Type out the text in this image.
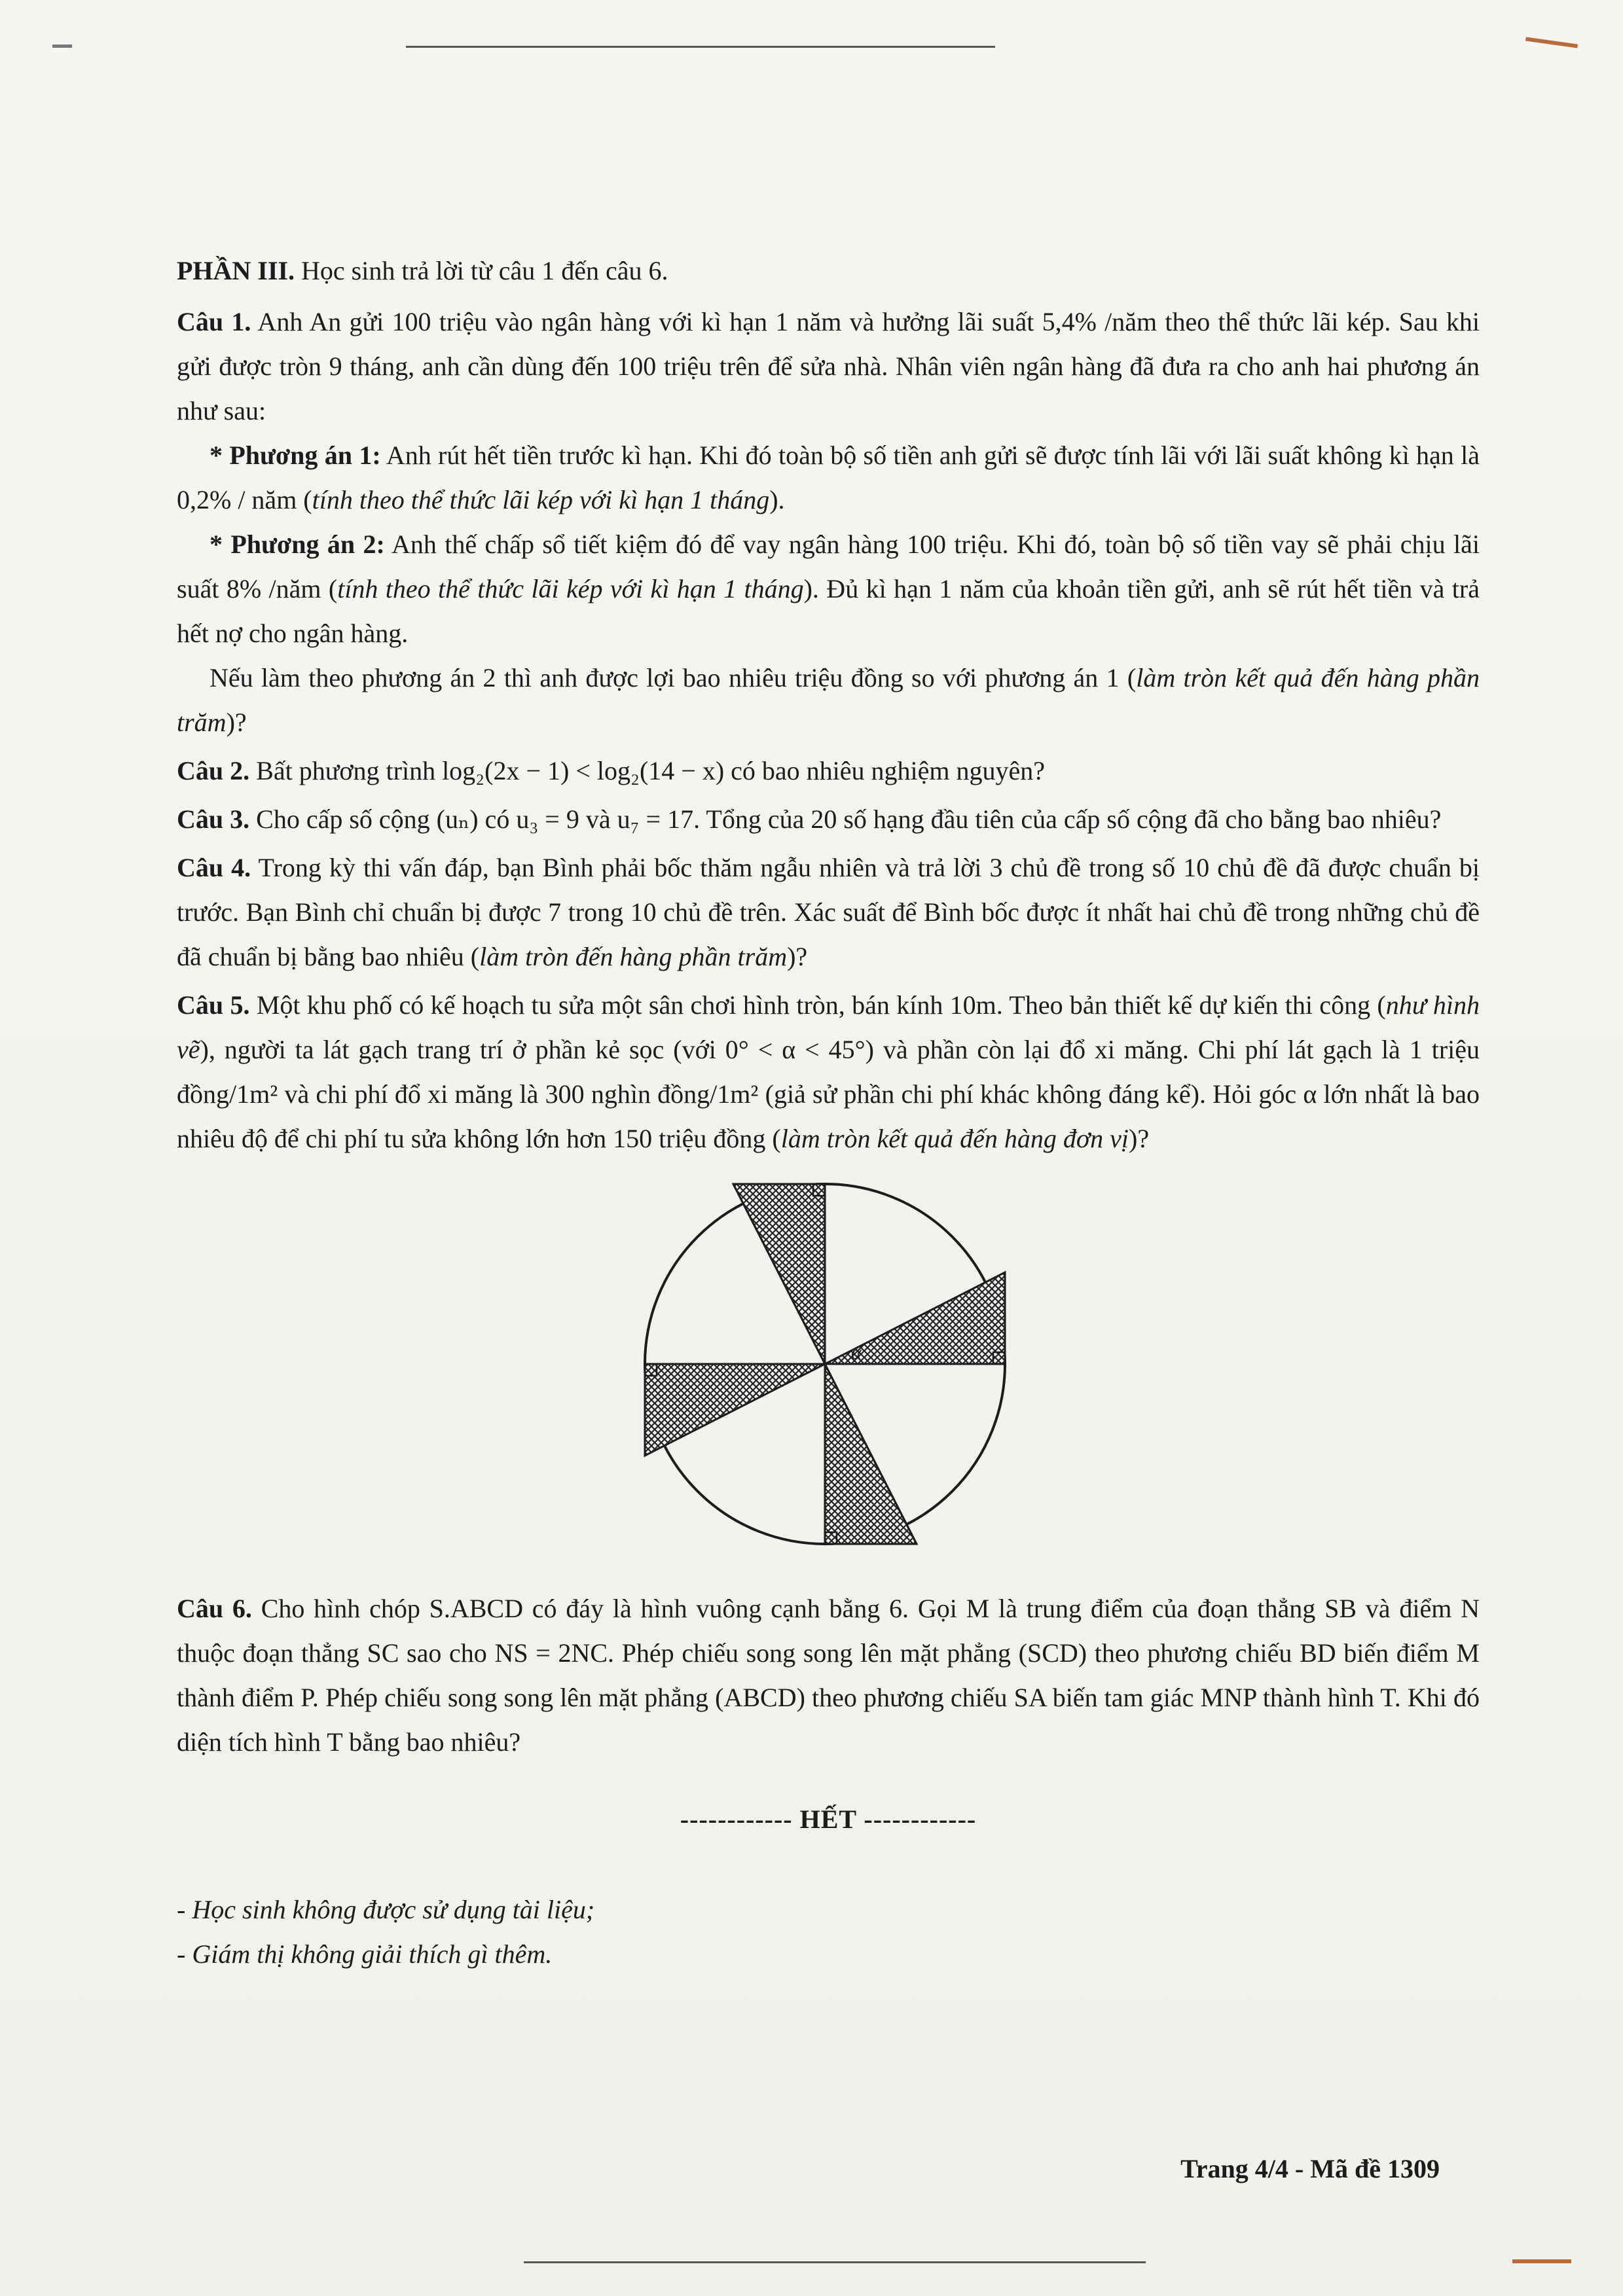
PHẦN III. Học sinh trả lời từ câu 1 đến câu 6.

Câu 1. Anh An gửi 100 triệu vào ngân hàng với kì hạn 1 năm và hưởng lãi suất 5,4% /năm theo thể thức lãi kép. Sau khi gửi được tròn 9 tháng, anh cần dùng đến 100 triệu trên để sửa nhà. Nhân viên ngân hàng đã đưa ra cho anh hai phương án như sau:

* Phương án 1: Anh rút hết tiền trước kì hạn. Khi đó toàn bộ số tiền anh gửi sẽ được tính lãi với lãi suất không kì hạn là 0,2% / năm (tính theo thể thức lãi kép với kì hạn 1 tháng).

* Phương án 2: Anh thế chấp sổ tiết kiệm đó để vay ngân hàng 100 triệu. Khi đó, toàn bộ số tiền vay sẽ phải chịu lãi suất 8% /năm (tính theo thể thức lãi kép với kì hạn 1 tháng). Đủ kì hạn 1 năm của khoản tiền gửi, anh sẽ rút hết tiền và trả hết nợ cho ngân hàng.

Nếu làm theo phương án 2 thì anh được lợi bao nhiêu triệu đồng so với phương án 1 (làm tròn kết quả đến hàng phần trăm)?

Câu 2. Bất phương trình log₂(2x − 1) < log₂(14 − x) có bao nhiêu nghiệm nguyên?

Câu 3. Cho cấp số cộng (uₙ) có u₃ = 9 và u₇ = 17. Tổng của 20 số hạng đầu tiên của cấp số cộng đã cho bằng bao nhiêu?

Câu 4. Trong kỳ thi vấn đáp, bạn Bình phải bốc thăm ngẫu nhiên và trả lời 3 chủ đề trong số 10 chủ đề đã được chuẩn bị trước. Bạn Bình chỉ chuẩn bị được 7 trong 10 chủ đề trên. Xác suất để Bình bốc được ít nhất hai chủ đề trong những chủ đề đã chuẩn bị bằng bao nhiêu (làm tròn đến hàng phần trăm)?

Câu 5. Một khu phố có kế hoạch tu sửa một sân chơi hình tròn, bán kính 10m. Theo bản thiết kế dự kiến thi công (như hình vẽ), người ta lát gạch trang trí ở phần kẻ sọc (với 0° < α < 45°) và phần còn lại đổ xi măng. Chi phí lát gạch là 1 triệu đồng/1m² và chi phí đổ xi măng là 300 nghìn đồng/1m² (giả sử phần chi phí khác không đáng kể). Hỏi góc α lớn nhất là bao nhiêu độ để chi phí tu sửa không lớn hơn 150 triệu đồng (làm tròn kết quả đến hàng đơn vị)?

α

Câu 6. Cho hình chóp S.ABCD có đáy là hình vuông cạnh bằng 6. Gọi M là trung điểm của đoạn thẳng SB và điểm N thuộc đoạn thẳng SC sao cho NS = 2NC. Phép chiếu song song lên mặt phẳng (SCD) theo phương chiếu BD biến điểm M thành điểm P. Phép chiếu song song lên mặt phẳng (ABCD) theo phương chiếu SA biến tam giác MNP thành hình T. Khi đó diện tích hình T bằng bao nhiêu?

------------ HẾT ------------

- Học sinh không được sử dụng tài liệu;

- Giám thị không giải thích gì thêm.

Trang 4/4 - Mã đề 1309
